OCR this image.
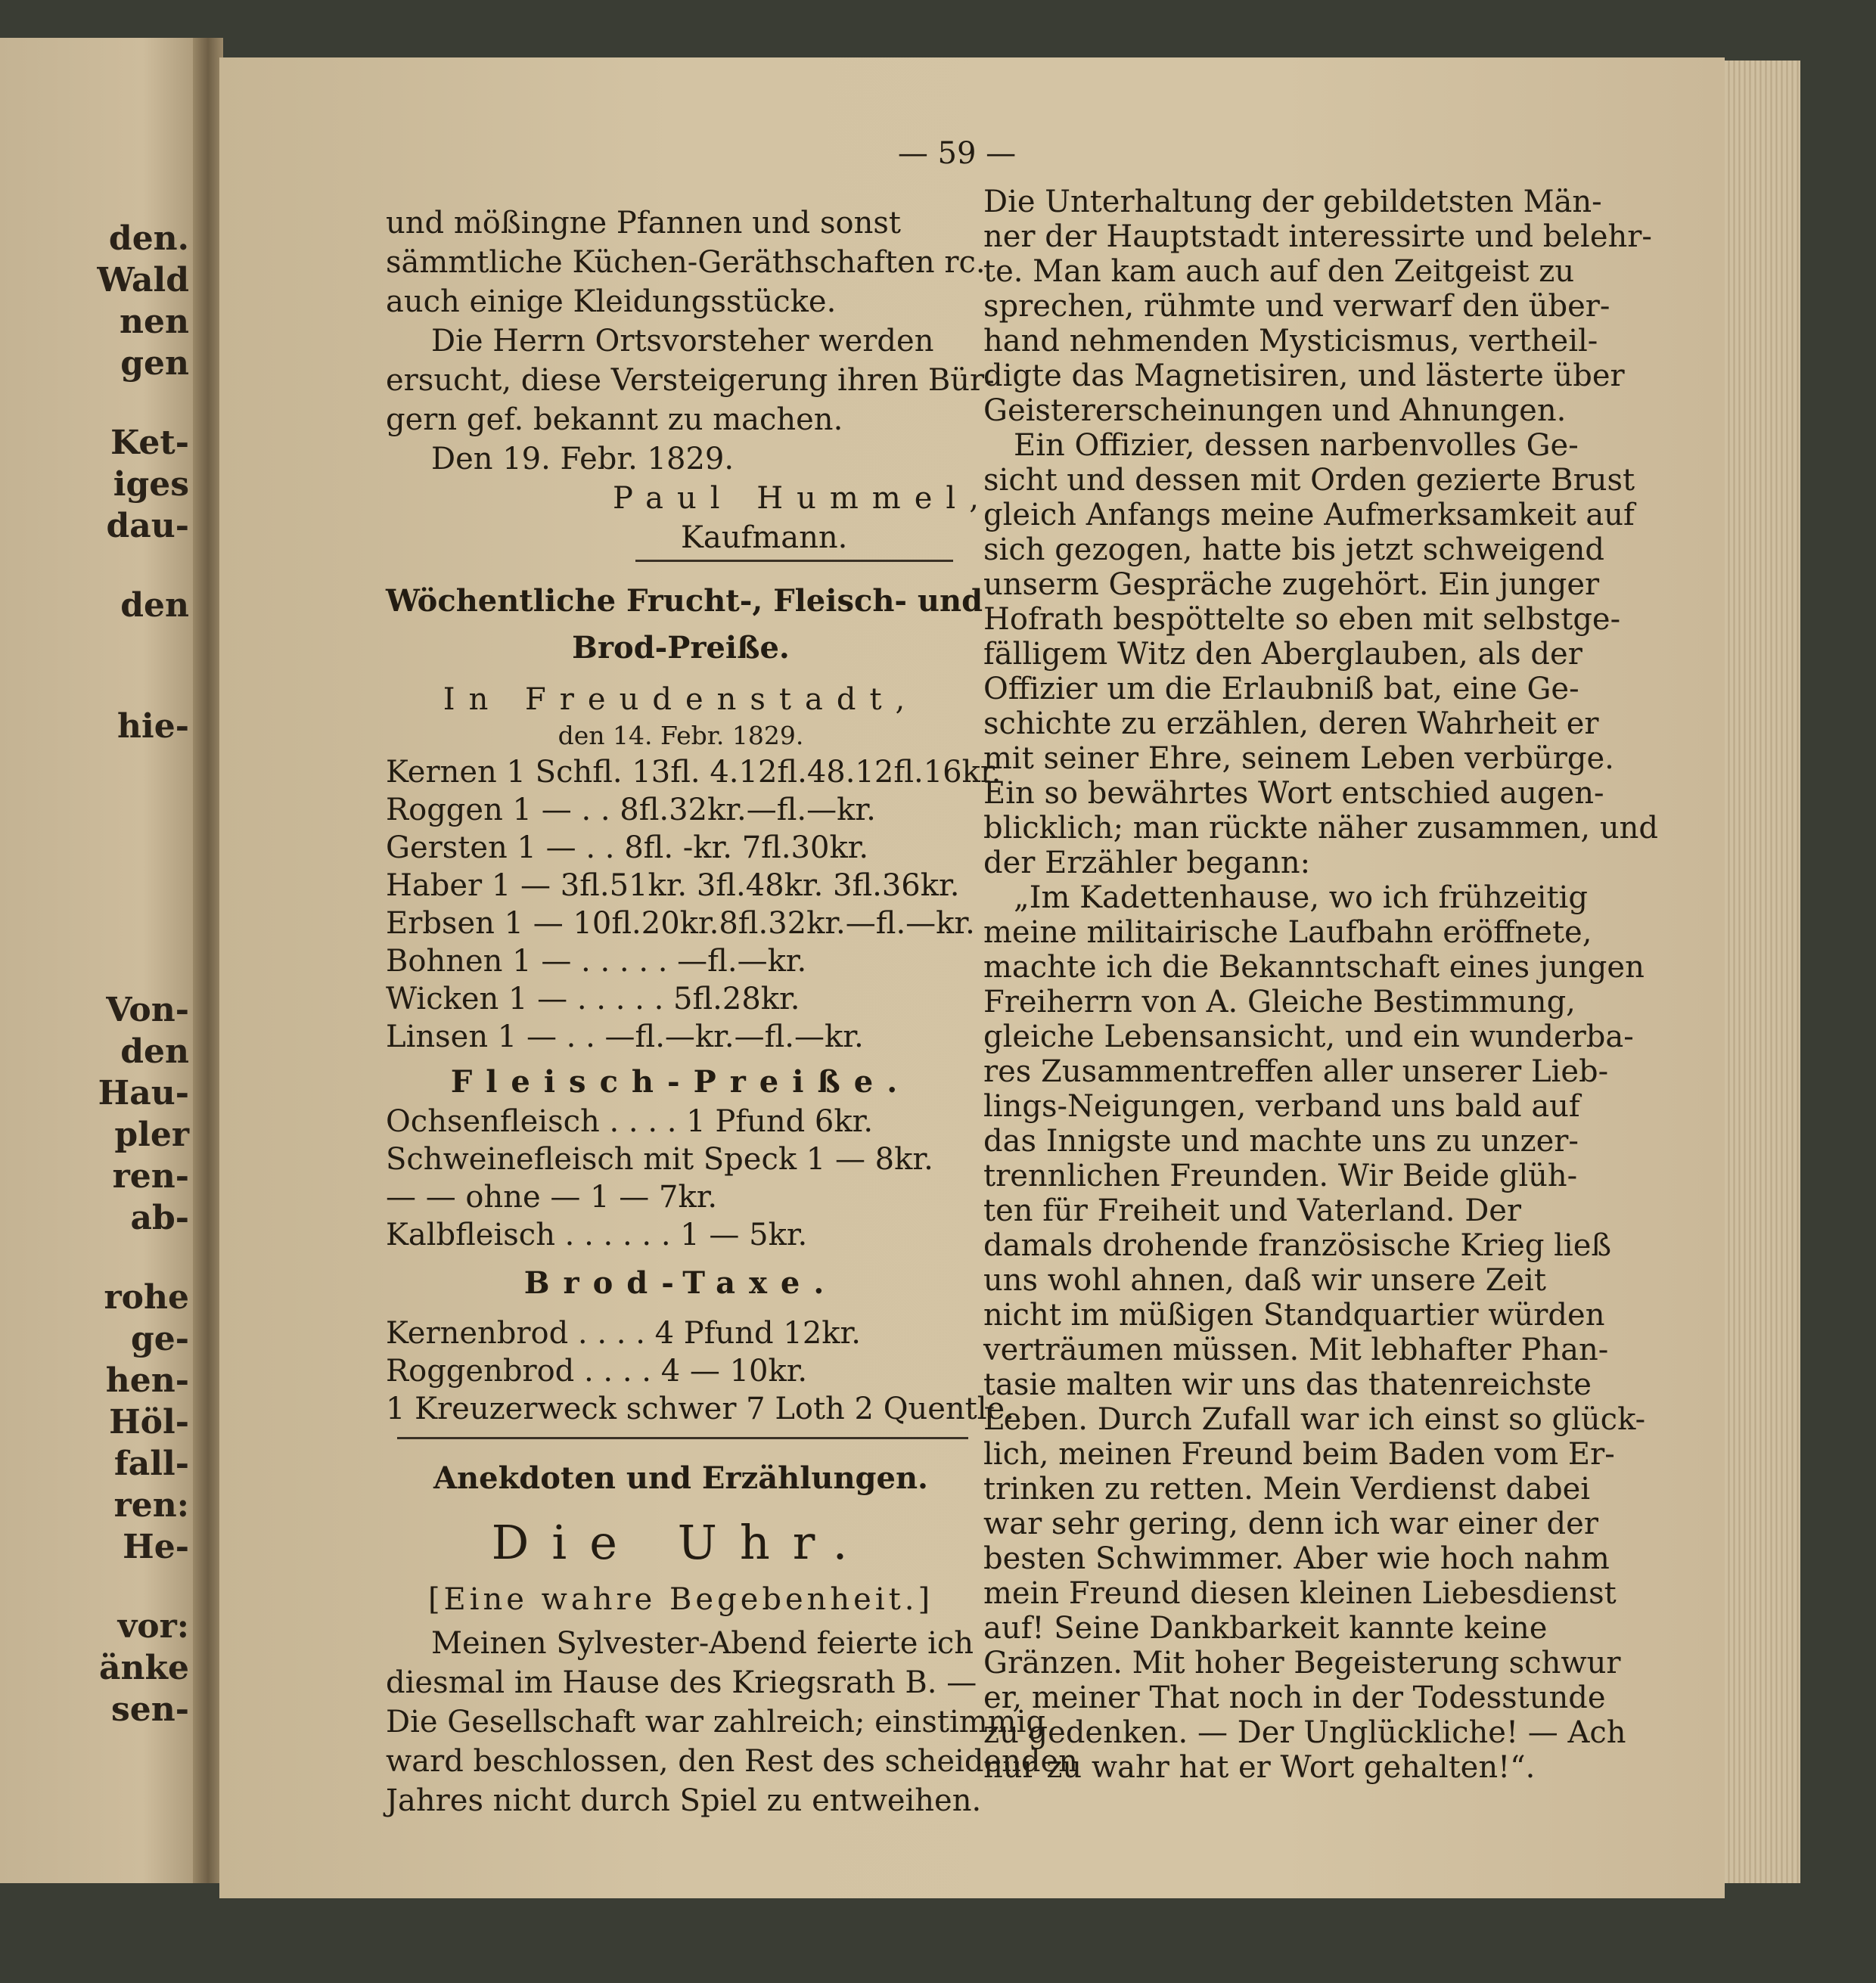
den.
Wald
nen
gen
Ket-
iges
dau-
den
hie-
Von-
den
Hau-
pler
ren-
ab-
rohe
ge-
hen-
Höl-
fall-
ren:
He-
vor:
änke
sen-
— 59 —
und mößingne Pfannen und sonst
sämmtliche Küchen-Geräthschaften rc.
auch einige Kleidungsstücke.
Die Herrn Ortsvorsteher werden
ersucht, diese Versteigerung ihren Bür-
gern gef. bekannt zu machen.
Den 19. Febr. 1829.
Paul Hummel,
Kaufmann.
Wöchentliche Frucht-, Fleisch- und
Brod-Preiße.
In Freudenstadt,
den 14. Febr. 1829.
Kernen 1 Schfl. 13fl. 4.12fl.48.12fl.16kr.
Roggen 1 — . . 8fl.32kr.—fl.—kr.
Gersten 1 — . . 8fl. -kr. 7fl.30kr.
Haber 1 — 3fl.51kr. 3fl.48kr. 3fl.36kr.
Erbsen 1 — 10fl.20kr.8fl.32kr.—fl.—kr.
Bohnen 1 — . . . . . —fl.—kr.
Wicken 1 — . . . . . 5fl.28kr.
Linsen 1 — . . —fl.—kr.—fl.—kr.
Fleisch-Preiße.
Ochsenfleisch . . . . 1 Pfund 6kr.
Schweinefleisch mit Speck 1 — 8kr.
— — ohne — 1 — 7kr.
Kalbfleisch . . . . . . 1 — 5kr.
Brod-Taxe.
Kernenbrod . . . . 4 Pfund 12kr.
Roggenbrod . . . . 4 — 10kr.
1 Kreuzerweck schwer 7 Loth 2 Quentle.
Anekdoten und Erzählungen.
Die Uhr.
[Eine wahre Begebenheit.]
Meinen Sylvester-Abend feierte ich
diesmal im Hause des Kriegsrath B. —
Die Gesellschaft war zahlreich; einstimmig
ward beschlossen, den Rest des scheidenden
Jahres nicht durch Spiel zu entweihen.
Die Unterhaltung der gebildetsten Män-
ner der Hauptstadt interessirte und belehr-
te. Man kam auch auf den Zeitgeist zu
sprechen, rühmte und verwarf den über-
hand nehmenden Mysticismus, vertheil-
digte das Magnetisiren, und lästerte über
Geistererscheinungen und Ahnungen.
Ein Offizier, dessen narbenvolles Ge-
sicht und dessen mit Orden gezierte Brust
gleich Anfangs meine Aufmerksamkeit auf
sich gezogen, hatte bis jetzt schweigend
unserm Gespräche zugehört. Ein junger
Hofrath bespöttelte so eben mit selbstge-
fälligem Witz den Aberglauben, als der
Offizier um die Erlaubniß bat, eine Ge-
schichte zu erzählen, deren Wahrheit er
mit seiner Ehre, seinem Leben verbürge.
Ein so bewährtes Wort entschied augen-
blicklich; man rückte näher zusammen, und
der Erzähler begann:
„Im Kadettenhause, wo ich frühzeitig
meine militairische Laufbahn eröffnete,
machte ich die Bekanntschaft eines jungen
Freiherrn von A. Gleiche Bestimmung,
gleiche Lebensansicht, und ein wunderba-
res Zusammentreffen aller unserer Lieb-
lings-Neigungen, verband uns bald auf
das Innigste und machte uns zu unzer-
trennlichen Freunden. Wir Beide glüh-
ten für Freiheit und Vaterland. Der
damals drohende französische Krieg ließ
uns wohl ahnen, daß wir unsere Zeit
nicht im müßigen Standquartier würden
verträumen müssen. Mit lebhafter Phan-
tasie malten wir uns das thatenreichste
Leben. Durch Zufall war ich einst so glück-
lich, meinen Freund beim Baden vom Er-
trinken zu retten. Mein Verdienst dabei
war sehr gering, denn ich war einer der
besten Schwimmer. Aber wie hoch nahm
mein Freund diesen kleinen Liebesdienst
auf! Seine Dankbarkeit kannte keine
Gränzen. Mit hoher Begeisterung schwur
er, meiner That noch in der Todesstunde
zu gedenken. — Der Unglückliche! — Ach
nur zu wahr hat er Wort gehalten!“.
